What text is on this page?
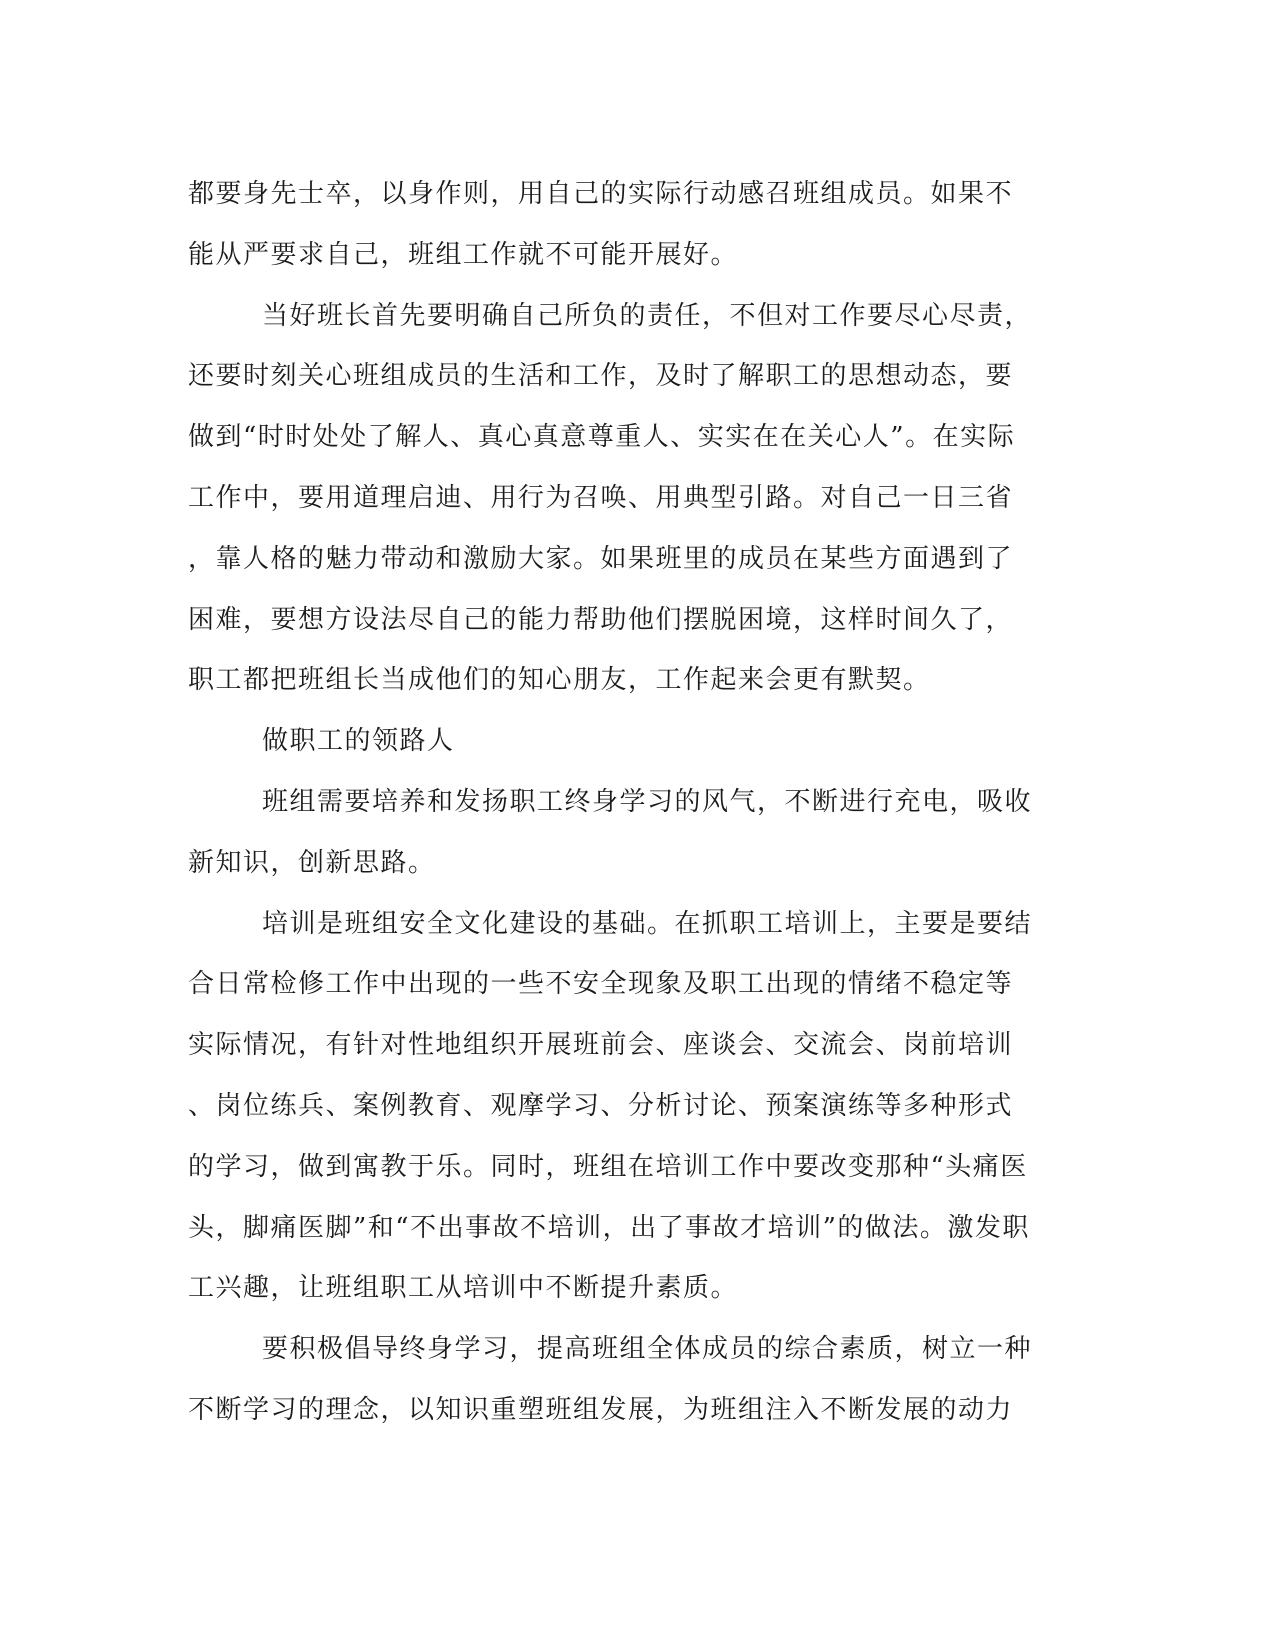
都要身先士卒，以身作则，用自己的实际行动感召班组成员。如果不
能从严要求自己，班组工作就不可能开展好。
当好班长首先要明确自己所负的责任，不但对工作要尽心尽责，
还要时刻关心班组成员的生活和工作，及时了解职工的思想动态，要
做到“时时处处了解人、真心真意尊重人、实实在在关心人”。在实际
工作中，要用道理启迪、用行为召唤、用典型引路。对自己一日三省
，靠人格的魅力带动和激励大家。如果班里的成员在某些方面遇到了
困难，要想方设法尽自己的能力帮助他们摆脱困境，这样时间久了，
职工都把班组长当成他们的知心朋友，工作起来会更有默契。
做职工的领路人
班组需要培养和发扬职工终身学习的风气，不断进行充电，吸收
新知识，创新思路。
培训是班组安全文化建设的基础。在抓职工培训上，主要是要结
合日常检修工作中出现的一些不安全现象及职工出现的情绪不稳定等
实际情况，有针对性地组织开展班前会、座谈会、交流会、岗前培训
、岗位练兵、案例教育、观摩学习、分析讨论、预案演练等多种形式
的学习，做到寓教于乐。同时，班组在培训工作中要改变那种“头痛医
头，脚痛医脚”和“不出事故不培训，出了事故才培训”的做法。激发职
工兴趣，让班组职工从培训中不断提升素质。
要积极倡导终身学习，提高班组全体成员的综合素质，树立一种
不断学习的理念，以知识重塑班组发展，为班组注入不断发展的动力
